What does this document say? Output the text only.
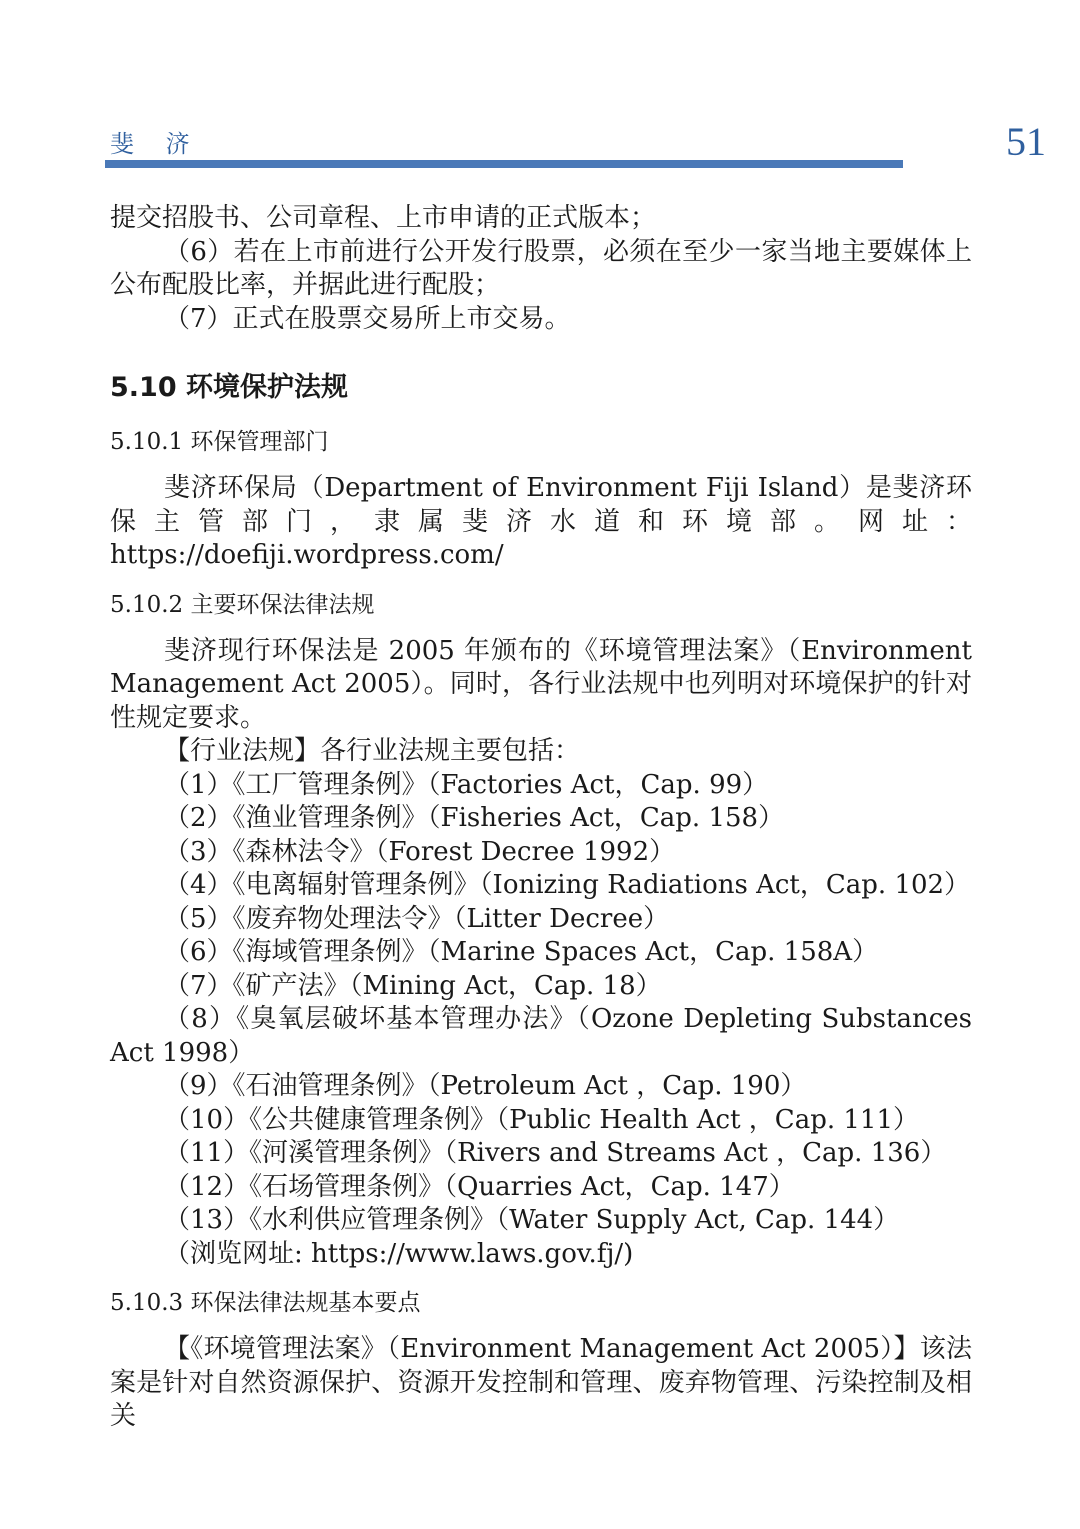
斐 济	51

提交招股书、公司章程、上市申请的正式版本；

（6）若在上市前进行公开发行股票，必须在至少一家当地主要媒体上公布配股比率，并据此进行配股；

（7）正式在股票交易所上市交易。

5.10 环境保护法规
5.10.1 环保管理部门

斐济环保局（Department of Environment Fiji Island）是斐济环保主管部门，隶属斐济水道和环境部。网址：https://doefiji.wordpress.com/

5.10.2 主要环保法律法规

斐济现行环保法是 2005 年颁布的《环境管理法案》（Environment Management Act 2005）。同时，各行业法规中也列明对环境保护的针对性规定要求。

【行业法规】各行业法规主要包括：

（1）《工厂管理条例》（Factories Act，Cap. 99）

（2）《渔业管理条例》（Fisheries Act，Cap. 158）

（3）《森林法令》（Forest Decree 1992）

（4）《电离辐射管理条例》（Ionizing Radiations Act，Cap. 102）

（5）《废弃物处理法令》（Litter Decree）

（6）《海域管理条例》（Marine Spaces Act，Cap. 158A）

（7）《矿产法》（Mining Act，Cap. 18）

（8）《臭氧层破坏基本管理办法》（Ozone Depleting Substances Act 1998）

（9）《石油管理条例》（Petroleum Act ，Cap. 190）

（10）《公共健康管理条例》（Public Health Act ，Cap. 111）

（11）《河溪管理条例》（Rivers and Streams Act ，Cap. 136）

（12）《石场管理条例》（Quarries Act，Cap. 147）

（13）《水利供应管理条例》（Water Supply Act, Cap. 144）

（浏览网址: https://www.laws.gov.fj/)

5.10.3 环保法律法规基本要点

【《环境管理法案》（Environment Management Act 2005）】该法案是针对自然资源保护、资源开发控制和管理、废弃物管理、污染控制及相关
